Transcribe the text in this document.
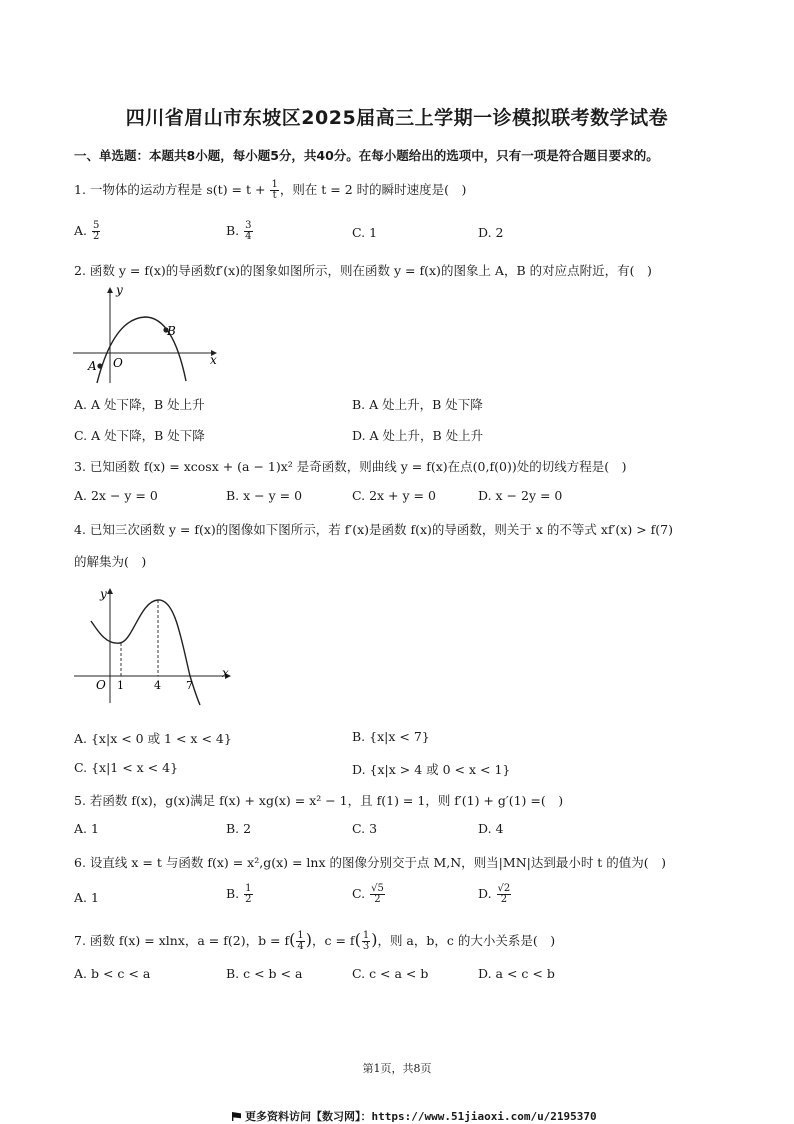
四川省眉山市东坡区2025届高三上学期一诊模拟联考数学试卷
一、单选题：本题共8小题，每小题5分，共40分。在每小题给出的选项中，只有一项是符合题目要求的。
1. 一物体的运动方程是 $s(t) = t + \frac{1}{t}$ ，则在 t = 2 时的瞬时速度是(　)
A. $\frac{5}{2}$	B. $\frac{3}{4}$	C. 1	D. 2
2. 函数 y = f(x)的导函数f′(x)的图象如图所示，则在函数 y = f(x)的图象上 A，B 的对应点附近，有(　)
y
x
O
A
B
A. A 处下降，B 处上升	B. A 处上升，B 处下降
C. A 处下降，B 处下降	D. A 处上升，B 处上升
3. 已知函数 f(x) = xcosx + (a − 1)x² 是奇函数，则曲线 y = f(x)在点(0,f(0))处的切线方程是(　)
A. 2x − y = 0	B. x − y = 0	C. 2x + y = 0	D. x − 2y = 0
4. 已知三次函数 y = f(x)的图像如下图所示，若 f′(x)是函数 f(x)的导函数，则关于 x 的不等式 xf′(x) > f(7)
的解集为(　)
y
x
O 1	4 7
A. {x|x < 0 或 1 < x < 4}	B. {x|x < 7}
C. {x|1 < x < 4}	D. {x|x > 4 或 0 < x < 1}
5. 若函数 f(x)，g(x)满足 f(x) + xg(x) = x² − 1，且 f(1) = 1，则 f′(1) + g′(1) =(　)
A. 1	B. 2	C. 3	D. 4
6. 设直线 x = t 与函数 f(x) = x²,g(x) = lnx 的图像分别交于点 M,N，则当|MN|达到最小时 t 的值为(　)
A. 1	B. $\frac{1}{2}$	C. $\frac{√5}{2}$	D. $\frac{√2}{2}$
7. 函数 f(x) = xlnx，a = f(2)，$b = f( \frac{1}{4}$ )，$c = f( \frac{1}{3}$ )，则 a，b，c 的大小关系是(　)
A. b < c < a	B. c < b < a	C. c < a < b	D. a < c < b
第1页，共8页
更多资料访问【数习网】：https://www.51jiaoxi.com/u/2195370
